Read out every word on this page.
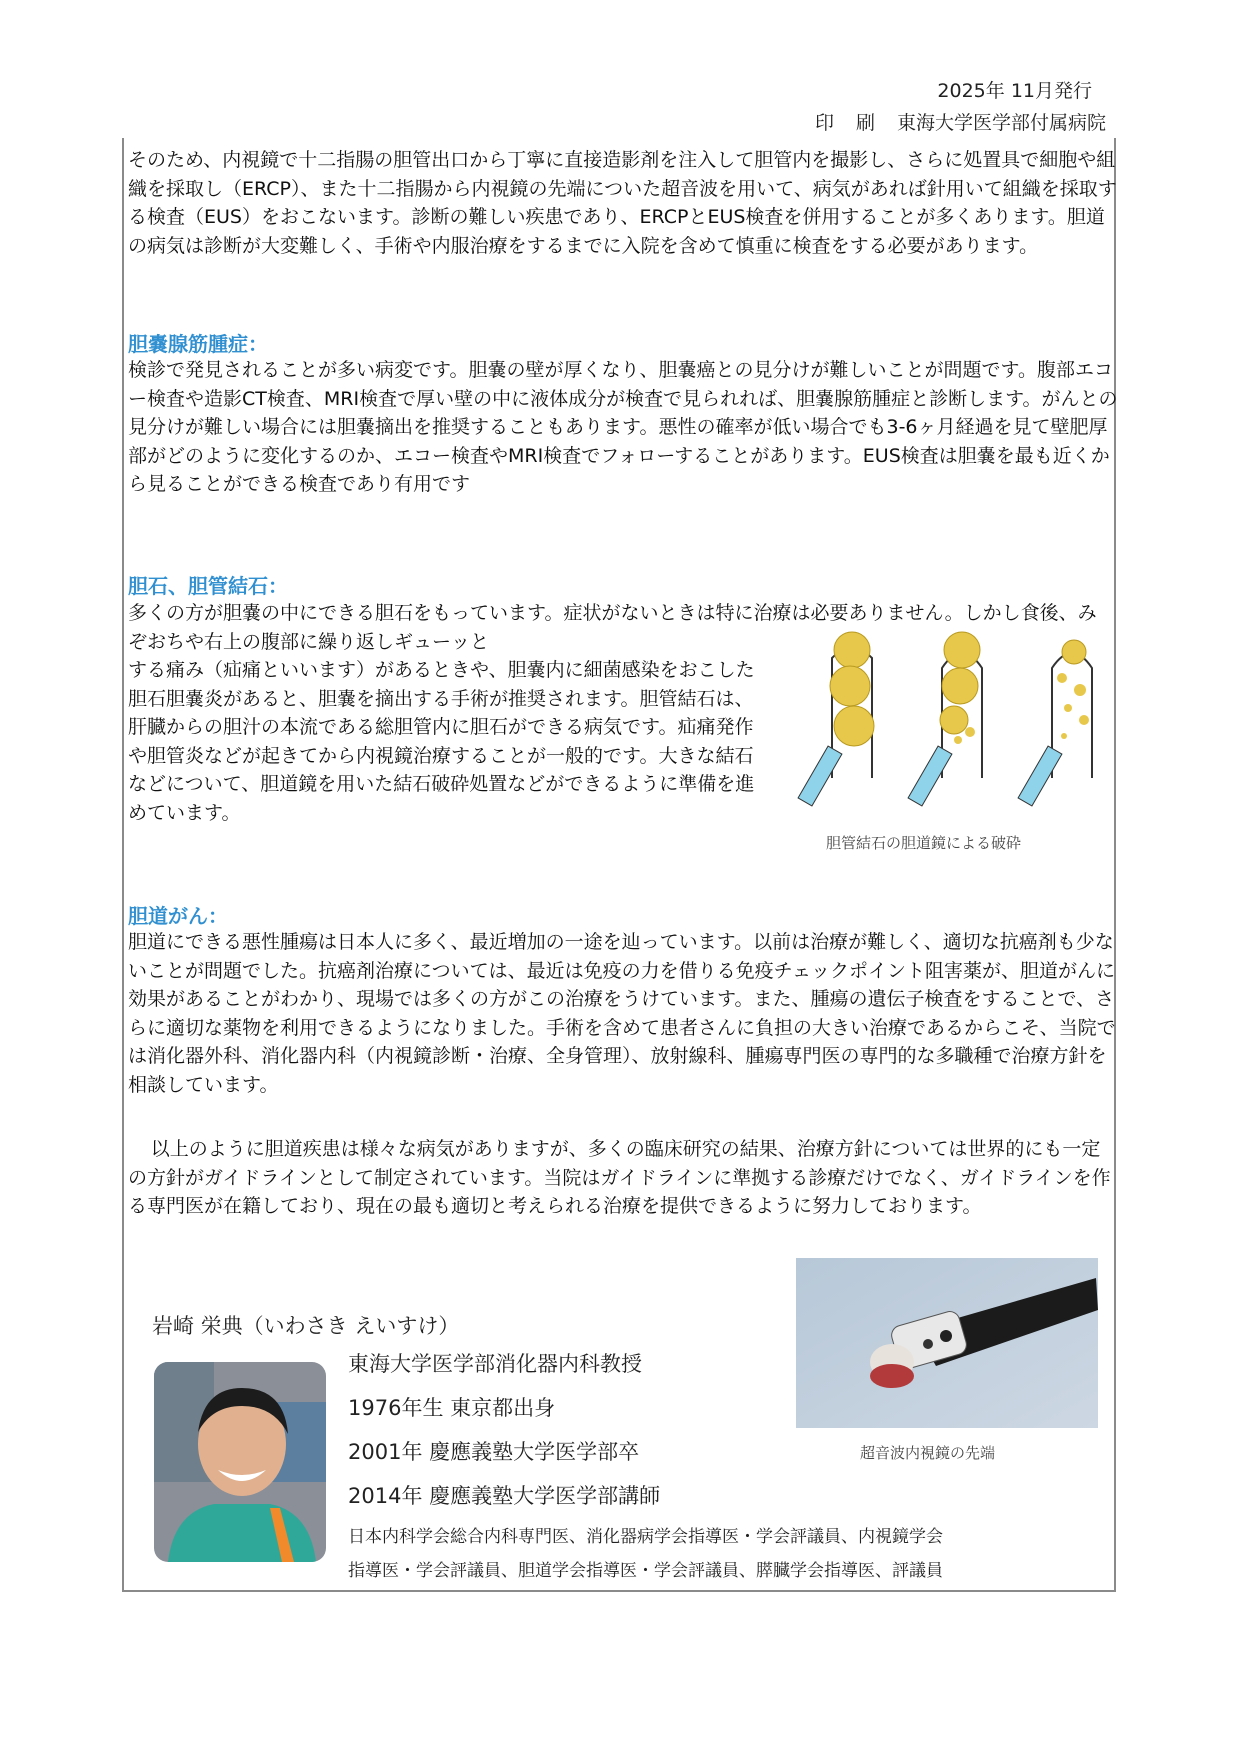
2025年 11月発行
印 刷 東海大学医学部付属病院

そのため、内視鏡で十二指腸の胆管出口から丁寧に直接造影剤を注入して胆管内を撮影し、さらに処置具で細胞や組織を採取し（ERCP）、また十二指腸から内視鏡の先端についた超音波を用いて、病気があれば針用いて組織を採取する検査（EUS）をおこないます。診断の難しい疾患であり、ERCPとEUS検査を併用することが多くあります。胆道の病気は診断が大変難しく、手術や内服治療をするまでに入院を含めて慎重に検査をする必要があります。

胆嚢腺筋腫症：

検診で発見されることが多い病変です。胆嚢の壁が厚くなり、胆嚢癌との見分けが難しいことが問題です。腹部エコー検査や造影CT検査、MRI検査で厚い壁の中に液体成分が検査で見られれば、胆嚢腺筋腫症と診断します。がんとの見分けが難しい場合には胆嚢摘出を推奨することもあります。悪性の確率が低い場合でも3-6ヶ月経過を見て壁肥厚部がどのように変化するのか、エコー検査やMRI検査でフォローすることがあります。EUS検査は胆嚢を最も近くから見ることができる検査であり有用です

胆石、胆管結石：

多くの方が胆嚢の中にできる胆石をもっています。症状がないときは特に治療は必要ありません。しかし食後、みぞおちや右上の腹部に繰り返しギューッと

する痛み（疝痛といいます）があるときや、胆嚢内に細菌感染をおこした胆石胆嚢炎があると、胆嚢を摘出する手術が推奨されます。胆管結石は、肝臓からの胆汁の本流である総胆管内に胆石ができる病気です。疝痛発作や胆管炎などが起きてから内視鏡治療することが一般的です。大きな結石などについて、胆道鏡を用いた結石破砕処置などができるように準備を進めています。

胆管結石の胆道鏡による破砕
胆道がん：

胆道にできる悪性腫瘍は日本人に多く、最近増加の一途を辿っています。以前は治療が難しく、適切な抗癌剤も少ないことが問題でした。抗癌剤治療については、最近は免疫の力を借りる免疫チェックポイント阻害薬が、胆道がんに効果があることがわかり、現場では多くの方がこの治療をうけています。また、腫瘍の遺伝子検査をすることで、さらに適切な薬物を利用できるようになりました。手術を含めて患者さんに負担の大きい治療であるからこそ、当院では消化器外科、消化器内科（内視鏡診断・治療、全身管理）、放射線科、腫瘍専門医の専門的な多職種で治療方針を相談しています。

以上のように胆道疾患は様々な病気がありますが、多くの臨床研究の結果、治療方針については世界的にも一定の方針がガイドラインとして制定されています。当院はガイドラインに準拠する診療だけでなく、ガイドラインを作る専門医が在籍しており、現在の最も適切と考えられる治療を提供できるように努力しております。

超音波内視鏡の先端
岩崎 栄典（いわさき えいすけ）
東海大学医学部消化器内科教授
1976年生 東京都出身
2001年 慶應義塾大学医学部卒
2014年 慶應義塾大学医学部講師
日本内科学会総合内科専門医、消化器病学会指導医・学会評議員、内視鏡学会
指導医・学会評議員、胆道学会指導医・学会評議員、膵臓学会指導医、評議員
